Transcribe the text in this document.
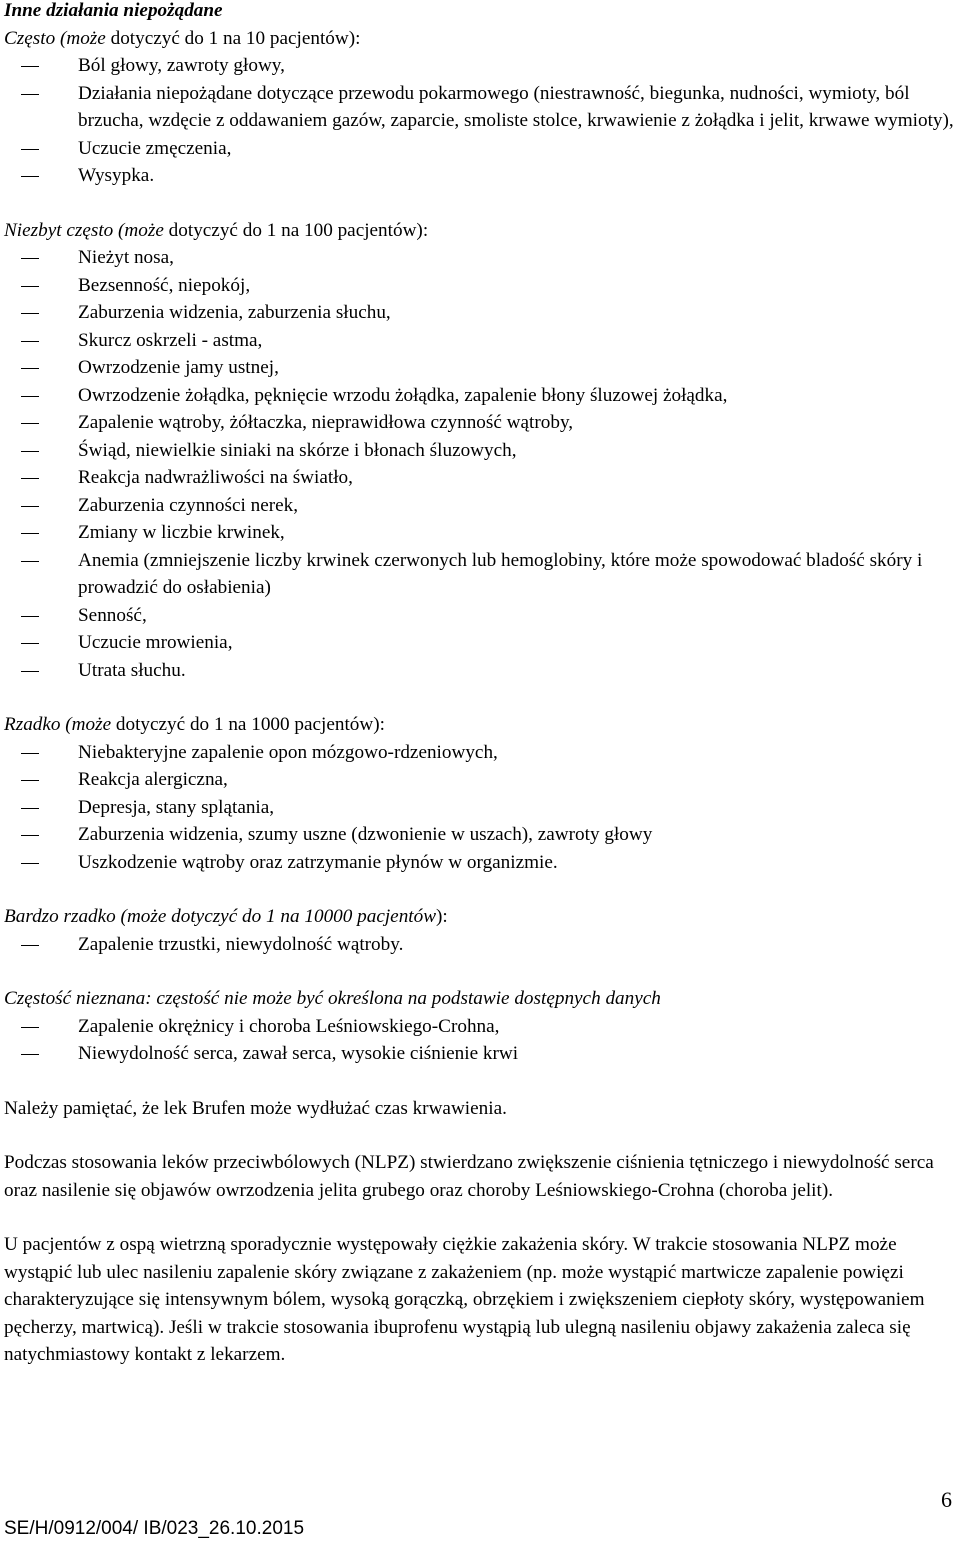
Inne działania niepożądane
Często (może dotyczyć do 1 na 10 pacjentów):
Ból głowy, zawroty głowy,
Działania niepożądane dotyczące przewodu pokarmowego (niestrawność, biegunka, nudności, wymioty, ból brzucha, wzdęcie z oddawaniem gazów, zaparcie, smoliste stolce, krwawienie z żołądka i jelit, krwawe wymioty),
Uczucie zmęczenia,
Wysypka.
Niezbyt często (może dotyczyć do 1 na 100 pacjentów):
Nieżyt nosa,
Bezsenność, niepokój,
Zaburzenia widzenia, zaburzenia słuchu,
Skurcz oskrzeli - astma,
Owrzodzenie jamy ustnej,
Owrzodzenie żołądka, pęknięcie wrzodu żołądka, zapalenie błony śluzowej żołądka,
Zapalenie wątroby, żółtaczka, nieprawidłowa czynność wątroby,
Świąd, niewielkie siniaki na skórze i błonach śluzowych,
Reakcja nadwrażliwości na światło,
Zaburzenia czynności nerek,
Zmiany w liczbie krwinek,
Anemia (zmniejszenie liczby krwinek czerwonych lub hemoglobiny, które może spowodować bladość skóry i prowadzić do osłabienia)
Senność,
Uczucie mrowienia,
Utrata słuchu.
Rzadko (może dotyczyć do 1 na 1000 pacjentów):
Niebakteryjne zapalenie opon mózgowo-rdzeniowych,
Reakcja alergiczna,
Depresja, stany splątania,
Zaburzenia widzenia, szumy uszne (dzwonienie w uszach), zawroty głowy
Uszkodzenie wątroby oraz zatrzymanie płynów w organizmie.
Bardzo rzadko (może dotyczyć do 1 na 10000 pacjentów):
Zapalenie trzustki, niewydolność wątroby.
Częstość nieznana: częstość nie może być określona na podstawie dostępnych danych
Zapalenie okrężnicy i choroba Leśniowskiego-Crohna,
Niewydolność serca, zawał serca, wysokie ciśnienie krwi

Należy pamiętać, że lek Brufen może wydłużać czas krwawienia.

Podczas stosowania leków przeciwbólowych (NLPZ) stwierdzano zwiększenie ciśnienia tętniczego i niewydolność serca oraz nasilenie się objawów owrzodzenia jelita grubego oraz choroby Leśniowskiego-Crohna (choroba jelit).

U pacjentów z ospą wietrzną sporadycznie występowały ciężkie zakażenia skóry. W trakcie stosowania NLPZ może wystąpić lub ulec nasileniu zapalenie skóry związane z zakażeniem (np. może wystąpić martwicze zapalenie powięzi charakteryzujące się intensywnym bólem, wysoką gorączką, obrzękiem i zwiększeniem ciepłoty skóry, występowaniem pęcherzy, martwicą). Jeśli w trakcie stosowania ibuprofenu wystąpią lub ulegną nasileniu objawy zakażenia zaleca się natychmiastowy kontakt z lekarzem.

6
SE/H/0912/004/ IB/023_26.10.2015
